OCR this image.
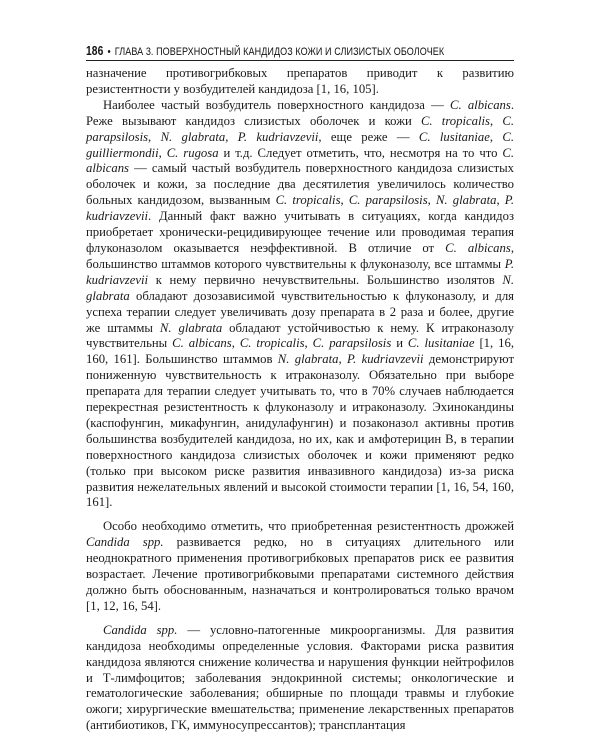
186 • ГЛАВА 3. ПОВЕРХНОСТНЫЙ КАНДИДОЗ КОЖИ И СЛИЗИСТЫХ ОБОЛОЧЕК

назначение противогрибковых препаратов приводит к развитию резистентности у возбудителей кандидоза [1, 16, 105].

Наиболее частый возбудитель поверхностного кандидоза — C. albicans. Реже вызывают кандидоз слизистых оболочек и кожи C. tropicalis, C. parapsilosis, N. glabrata, P. kudriavzevii, еще реже — C. lusitaniae, C. guilliermondii, C. rugosa и т.д. Следует отметить, что, несмотря на то что C. albicans — самый частый возбудитель поверхностного кандидоза слизистых оболочек и кожи, за последние два десятилетия увеличилось количество больных кандидозом, вызванным C. tropicalis, C. parapsilosis, N. glabrata, P. kudriavzevii. Данный факт важно учитывать в ситуациях, когда кандидоз приобретает хронически-рецидивирующее течение или проводимая терапия флуконазолом оказывается неэффективной. В отличие от C. albicans, большинство штаммов которого чувствительны к флуконазолу, все штаммы P. kudriavzevii к нему первично нечувствительны. Большинство изолятов N. glabrata обладают дозозависимой чувствительностью к флуконазолу, и для успеха терапии следует увеличивать дозу препарата в 2 раза и более, другие же штаммы N. glabrata обладают устойчивостью к нему. К итраконазолу чувствительны C. albicans, C. tropicalis, C. parapsilosis и C. lusitaniae [1, 16, 160, 161]. Большинство штаммов N. glabrata, P. kudriavzevii демонстрируют пониженную чувствительность к итраконазолу. Обязательно при выборе препарата для терапии следует учитывать то, что в 70% случаев наблюдается перекрестная резистентность к флуконазолу и итраконазолу. Эхинокандины (каспофунгин, микафунгин, анидулафунгин) и позаконазол активны против большинства возбудителей кандидоза, но их, как и амфотерицин В, в терапии поверхностного кандидоза слизистых оболочек и кожи применяют редко (только при высоком риске развития инвазивного кандидоза) из-за риска развития нежелательных явлений и высокой стоимости терапии [1, 16, 54, 160, 161].

Особо необходимо отметить, что приобретенная резистентность дрожжей Candida spp. развивается редко, но в ситуациях длительного или неоднократного применения противогрибковых препаратов риск ее развития возрастает. Лечение противогрибковыми препаратами системного действия должно быть обоснованным, назначаться и контролироваться только врачом [1, 12, 16, 54].

Candida spp. — условно-патогенные микроорганизмы. Для развития кандидоза необходимы определенные условия. Факторами риска развития кандидоза являются снижение количества и нарушения функции нейтрофилов и Т-лимфоцитов; заболевания эндокринной системы; онкологические и гематологические заболевания; обширные по площади травмы и глубокие ожоги; хирургические вмешательства; применение лекарственных препаратов (антибиотиков, ГК, иммуносупрессантов); трансплантация
